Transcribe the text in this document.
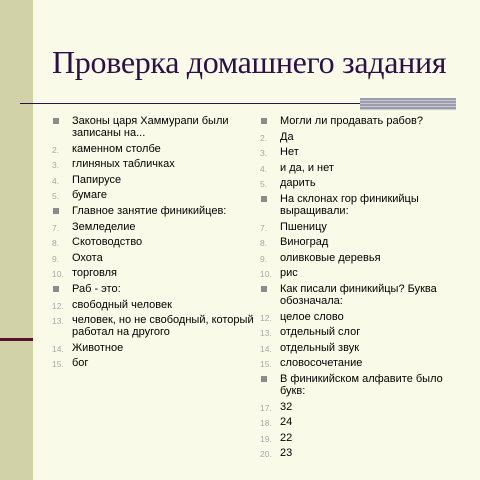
Проверка домашнего задания
Законы царя Хаммурапи были записаны на...
2.	каменном столбе
3.	глиняных табличках
4.	Папирусе
5.	бумаге
Главное занятие финикийцев:
7.	Земледелие
8.	Скотоводство
9.	Охота
10. торговля
Раб - это:
12. свободный человек
13. человек, но не свободный, который работал на другого
14. Животное
15. бог
Могли ли продавать рабов?
2.	Да
3.	Нет
4.	и да, и нет
5.	дарить
На склонах гор финикийцы выращивали:
7.	Пшеницу
8.	Виноград
9.	оливковые деревья
10. рис
Как писали финикийцы? Буква обозначала:
12. целое слово
13. отдельный слог
14. отдельный звук
15. словосочетание
В финикийском алфавите было букв:
17. 32
18. 24
19. 22
20. 23
